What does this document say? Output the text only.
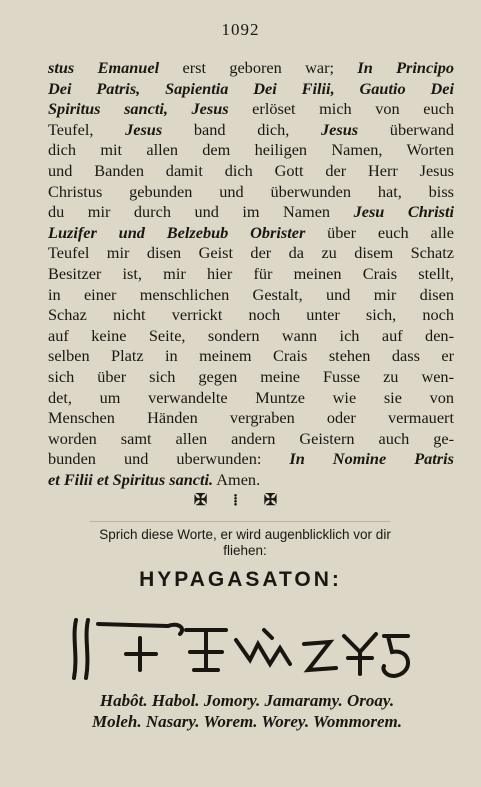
1092
stus Emanuel erst geboren war; In Principo
Dei Patris, Sapientia Dei Filii, Gautio Dei
Spiritus sancti, Jesus erlöset mich von euch
Teufel, Jesus band dich, Jesus überwand
dich mit allen dem heiligen Namen, Worten
und Banden damit dich Gott der Herr Jesus
Christus gebunden und überwunden hat, biss
du mir durch und im Namen Jesu Christi
Luzifer und Belzebub Obrister über euch alle
Teufel mir disen Geist der da zu disem Schatz
Besitzer ist, mir hier für meinen Crais stellt,
in einer menschlichen Gestalt, und mir disen
Schaz nicht verrickt noch unter sich, noch
auf keine Seite, sondern wann ich auf den-
selben Platz in meinem Crais stehen dass er
sich über sich gegen meine Fusse zu wen-
det, um verwandelte Muntze wie sie von
Menschen Händen vergraben oder vermauert
worden samt allen andern Geistern auch ge-
bunden und uberwunden: In Nomine Patris
et Filii et Spiritus sancti. Amen.
✠ ⁞ ✠
Sprich diese Worte, er wird augenblicklich vor dir
fliehen:
HYPAGASATON:
Habôt. Habol. Jomory. Jamaramy. Oroay.
Moleh. Nasary. Worem. Worey. Wommorem.
